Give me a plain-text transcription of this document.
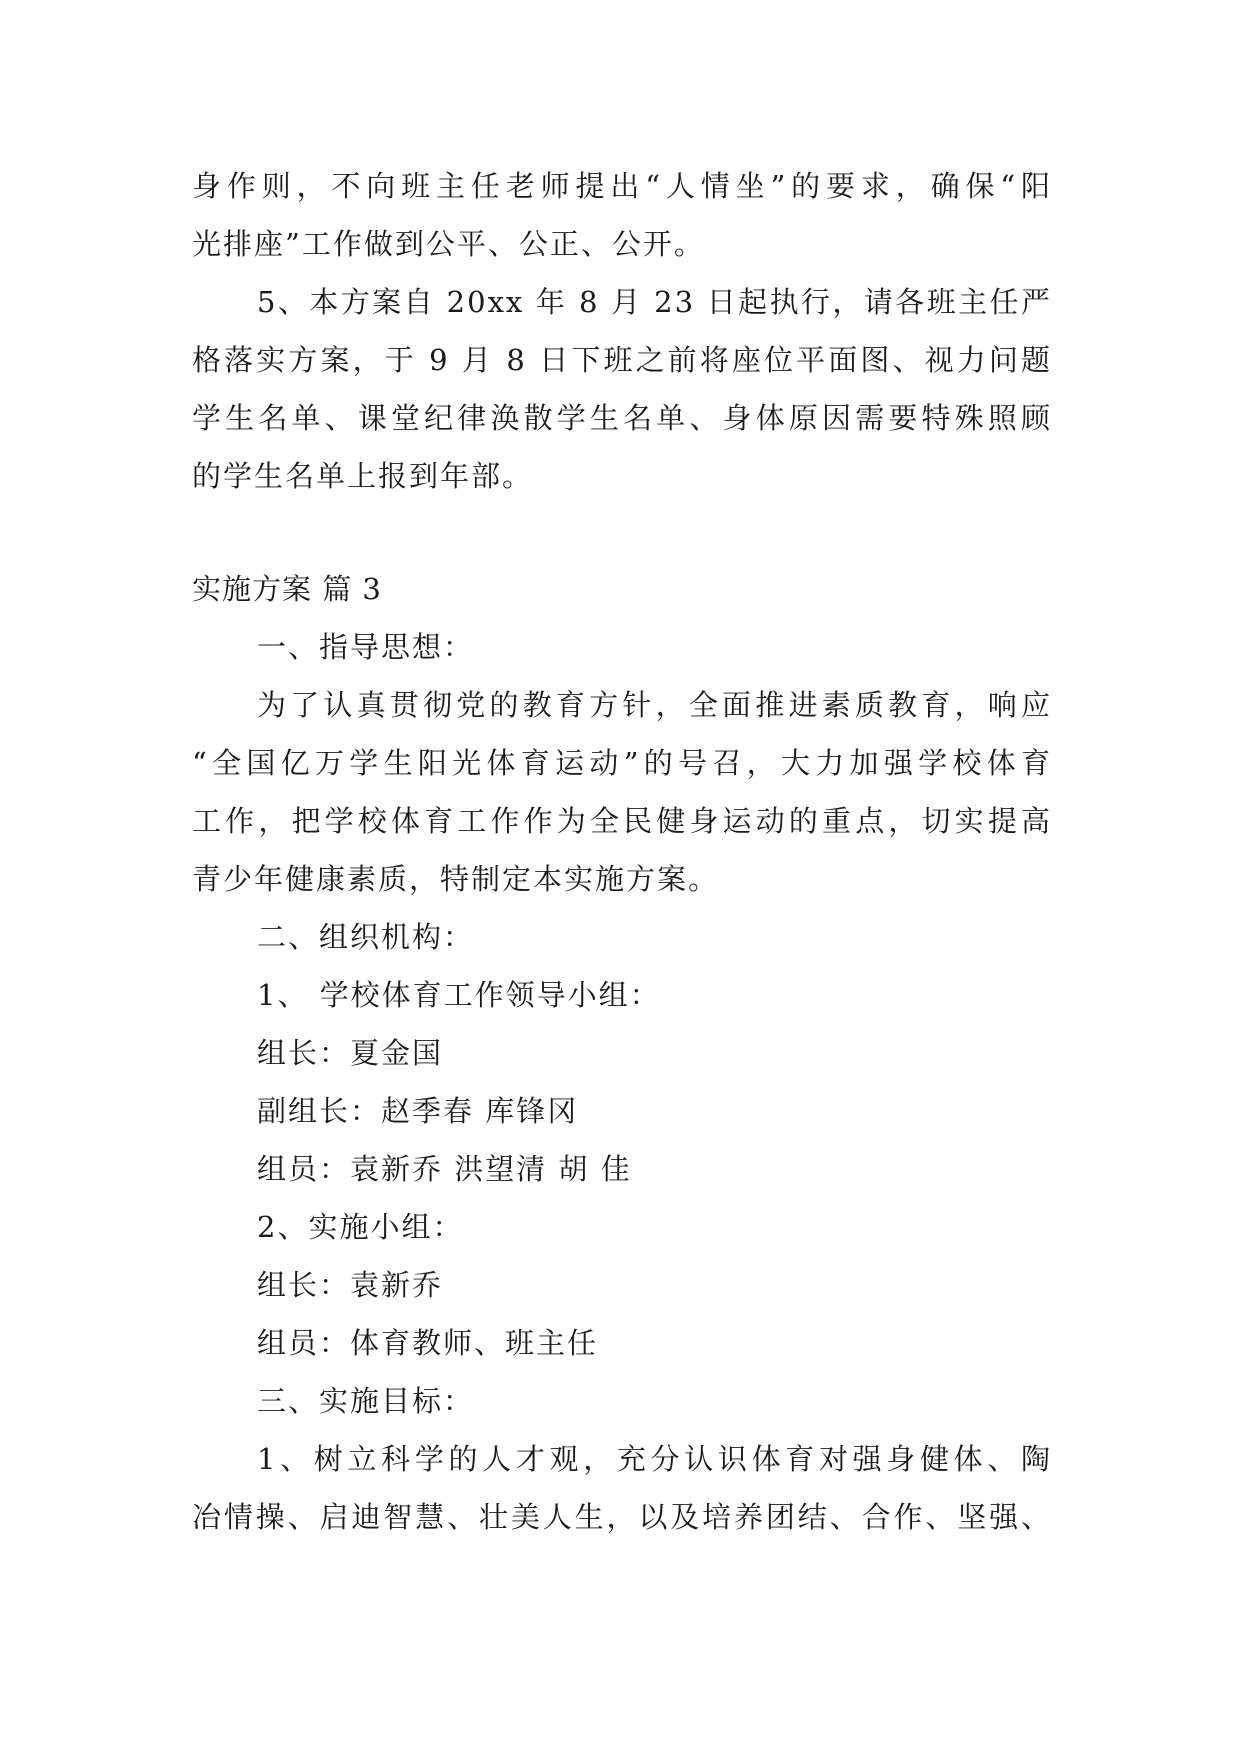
身作则，不向班主任老师提出“人情坐”的要求，确保“阳
光排座”工作做到公平、公正、公开。
5、本方案自 20xx 年 8 月 23 日起执行，请各班主任严
格落实方案，于 9 月 8 日下班之前将座位平面图、视力问题
学生名单、课堂纪律涣散学生名单、身体原因需要特殊照顾
的学生名单上报到年部。
实施方案 篇 3
一、指导思想：
为了认真贯彻党的教育方针，全面推进素质教育，响应
“全国亿万学生阳光体育运动”的号召，大力加强学校体育
工作，把学校体育工作作为全民健身运动的重点，切实提高
青少年健康素质，特制定本实施方案。
二、组织机构：
1、 学校体育工作领导小组：
组长：夏金国
副组长：赵季春 库锋冈
组员：袁新乔 洪望清 胡 佳
2、实施小组：
组长：袁新乔
组员：体育教师、班主任
三、实施目标：
1、树立科学的人才观，充分认识体育对强身健体、陶
冶情操、启迪智慧、壮美人生，以及培养团结、合作、坚强、
